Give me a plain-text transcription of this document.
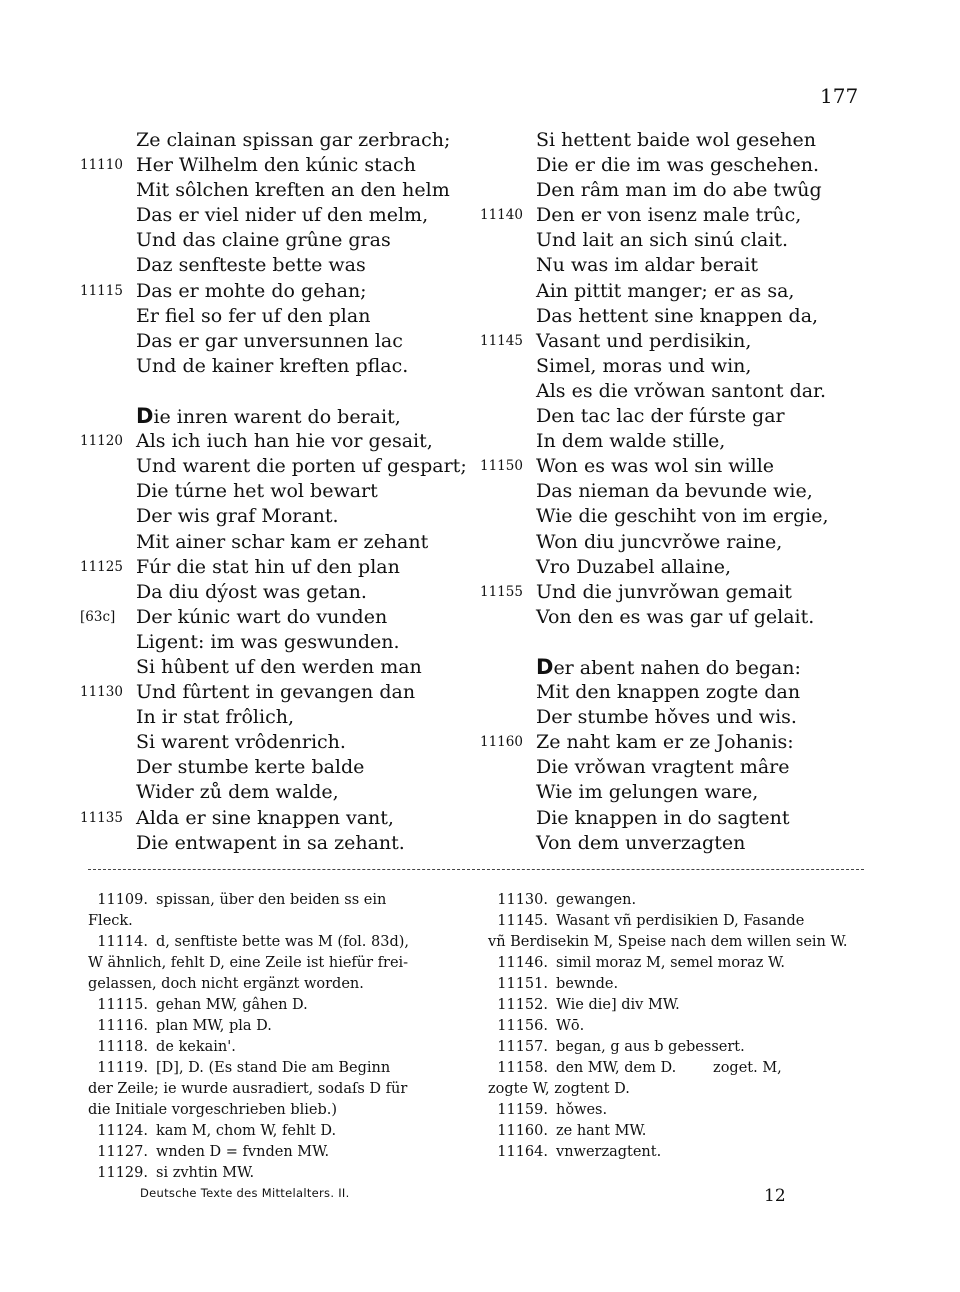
177
Ze clainan spissan gar zerbrach;
11110 Her Wilhelm den kúnic stach
Mit sôlchen kreften an den helm
Das er viel nider uf den melm,
Und das claine grûne gras
Daz senfteste bette was
11115 Das er mohte do gehan;
Er fiel so fer uf den plan
Das er gar unversunnen lac
Und de kainer kreften pflac.
Die inren warent do berait,
11120 Als ich iuch han hie vor gesait,
Und warent die porten uf gespart;
Die túrne het wol bewart
Der wis graf Morant.
Mit ainer schar kam er zehant
11125 Fúr die stat hin uf den plan
Da diu dýost was getan.
[63c]	Der kúnic wart do vunden
Ligent: im was geswunden.
Si hûbent uf den werden man
11130 Und fûrtent in gevangen dan
In ir stat frôlich,
Si warent vrôdenrich.
Der stumbe kerte balde
Wider zů dem walde,
11135 Alda er sine knappen vant,
Die entwapent in sa zehant.
Si hettent baide wol gesehen
Die er die im was geschehen.
Den râm man im do abe twûg
11140 Den er von isenz male trûc,
Und lait an sich sinú clait.
Nu was im aldar berait
Ain pittit manger; er as sa,
Das hettent sine knappen da,
11145 Vasant und perdisikin,
Simel, moras und win,
Als es die vrǒwan santont dar.
Den tac lac der fúrste gar
In dem walde stille,
11150 Won es was wol sin wille
Das nieman da bevunde wie,
Wie die geschiht von im ergie,
Won diu juncvrǒwe raine,
Vro Duzabel allaine,
11155 Und die junvrǒwan gemait
Von den es was gar uf gelait.
Der abent nahen do began:
Mit den knappen zogte dan
Der stumbe hǒves und wis.
11160 Ze naht kam er ze Johanis:
Die vrǒwan vragtent mâre
Wie im gelungen ware,
Die knappen in do sagtent
Von dem unverzagten
11109. spissan, über den beiden ss ein
Fleck.
11114. d, senftiste bette was M (fol. 83d),
W ähnlich, fehlt D, eine Zeile ist hiefür frei-
gelassen, doch nicht ergänzt worden.
11115. gehan MW, gâhen D.
11116. plan MW, pla D.
11118. de kekain'.
11119. [D], D. (Es stand Die am Beginn
der Zeile; ie wurde ausradiert, sodaſs D für
die Initiale vorgeschrieben blieb.)
11124. kam M, chom W, fehlt D.
11127. wnden D = fvnden MW.
11129. si zvhtin MW.
11130. gewangen.
11145. Wasant vñ perdisikien D, Fasande
vñ Berdisekin M, Speise nach dem willen sein W.
11146. simil moraz M, semel moraz W.
11151. bewnde.
11152. Wie die] div MW.
11156. Wō.
11157. began, g aus b gebessert.
11158. den MW, dem D.        zoget. M,
zogte W, zogtent D.
11159. hǒwes.
11160. ze hant MW.
11164. vnwerzagtent.
Deutsche Texte des Mittelalters. II.	12
